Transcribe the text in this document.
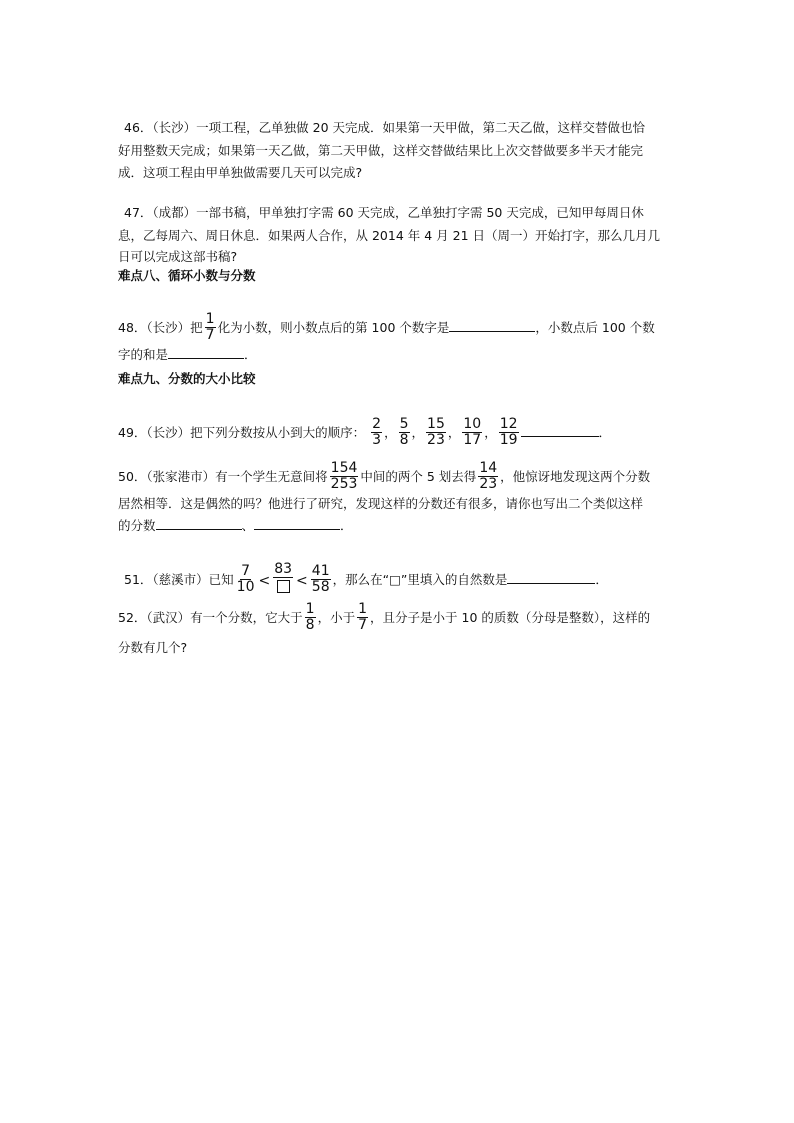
46．（长沙）一项工程，乙单独做 20 天完成．如果第一天甲做，第二天乙做，这样交替做也恰
好用整数天完成；如果第一天乙做，第二天甲做，这样交替做结果比上次交替做要多半天才能完
成．这项工程由甲单独做需要几天可以完成?
47．（成都）一部书稿，甲单独打字需 60 天完成，乙单独打字需 50 天完成，已知甲每周日休
息，乙每周六、周日休息．如果两人合作，从 2014 年 4 月 21 日（周一）开始打字，那么几月几
日可以完成这部书稿?
难点八、循环小数与分数
48．（长沙）把 $\frac{1}{7}$ 化为小数，则小数点后的第 100 个数字是	，小数点后 100 个数
字的和是	．
难点九、分数的大小比较
49．（长沙）把下列分数按从小到大的顺序： $\frac{2}{3}$ ， $\frac{5}{8}$ ， $\frac{15}{23}$ ， $\frac{10}{17}$ ， $\frac{12}{19}$	．
50．（张家港市）有一个学生无意间将 $\frac{154}{253}$ 中间的两个 5 划去得 $\frac{14}{23}$ ，他惊讶地发现这两个分数
居然相等．这是偶然的吗？他进行了研究，发现这样的分数还有很多，请你也写出二个类似这样
的分数	、	．
51．（慈溪市）已知 $\frac{7}{10}$ <
83
< $\frac{41}{58}$ ，那么在“□”里填入的自然数是	．
52．（武汉）有一个分数，它大于 $\frac{1}{8}$ ，小于 $\frac{1}{7}$ ，且分子是小于 10 的质数（分母是整数），这样的
分数有几个?
